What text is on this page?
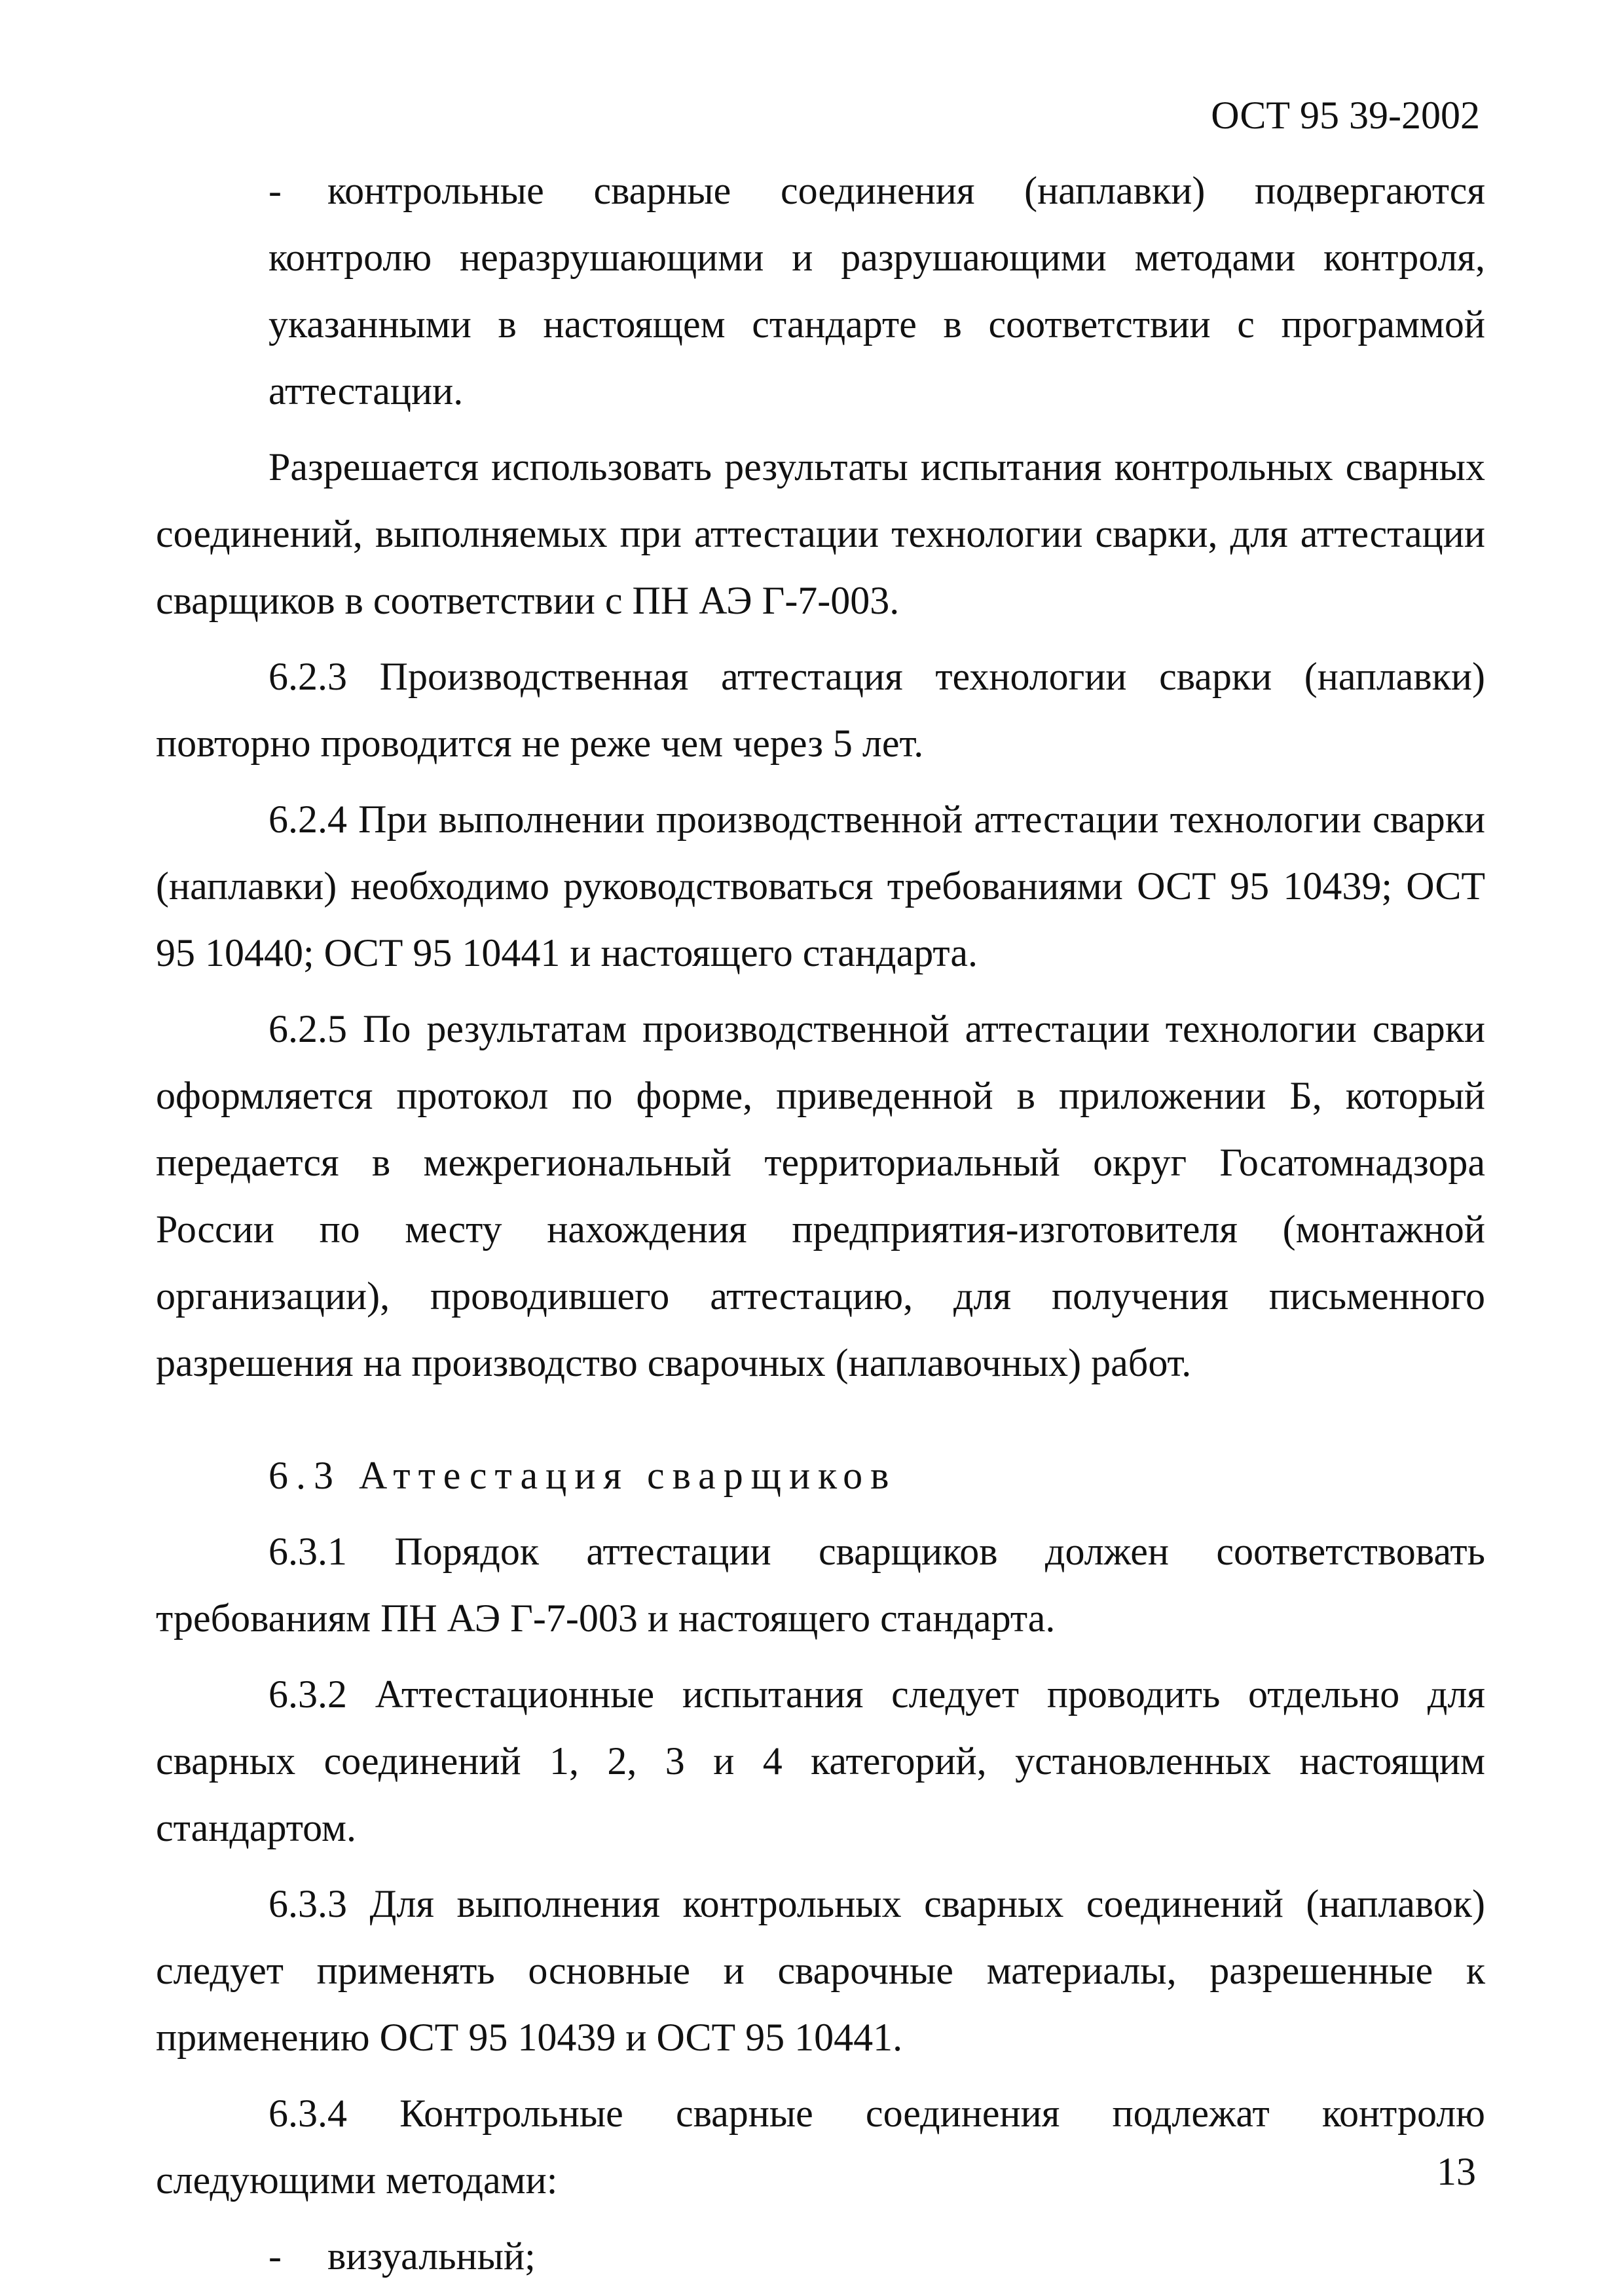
ОСТ 95 39-2002

- контрольные сварные соединения (наплавки) подвергаются контролю неразрушающими и разрушающими методами контроля, указанными в настоящем стандарте в соответствии с программой аттестации.

Разрешается использовать результаты испытания контрольных сварных соединений, выполняемых при аттестации технологии сварки, для аттестации сварщиков в соответствии с ПН АЭ Г-7-003.

6.2.3 Производственная аттестация технологии сварки (наплавки) повторно проводится не реже чем через 5 лет.

6.2.4 При выполнении производственной аттестации технологии сварки (наплавки) необходимо руководствоваться требованиями ОСТ 95 10439; ОСТ 95 10440; ОСТ 95 10441 и настоящего стандарта.

6.2.5 По результатам производственной аттестации технологии сварки оформляется протокол по форме, приведенной в приложении Б, который передается в межрегиональный территориальный округ Госатомнадзора России по месту нахождения предприятия-изготовителя (монтажной организации), проводившего аттестацию, для получения письменного разрешения на производство сварочных (наплавочных) работ.

6.3 Аттестация сварщиков

6.3.1 Порядок аттестации сварщиков должен соответствовать требованиям ПН АЭ Г-7-003 и настоящего стандарта.

6.3.2 Аттестационные испытания следует проводить отдельно для сварных соединений 1, 2, 3 и 4 категорий, установленных настоящим стандартом.

6.3.3 Для выполнения контрольных сварных соединений (наплавок) следует применять основные и сварочные материалы, разрешенные к применению ОСТ 95 10439 и ОСТ 95 10441.

6.3.4 Контрольные сварные соединения подлежат контролю следующими методами:

- визуальный;

13
